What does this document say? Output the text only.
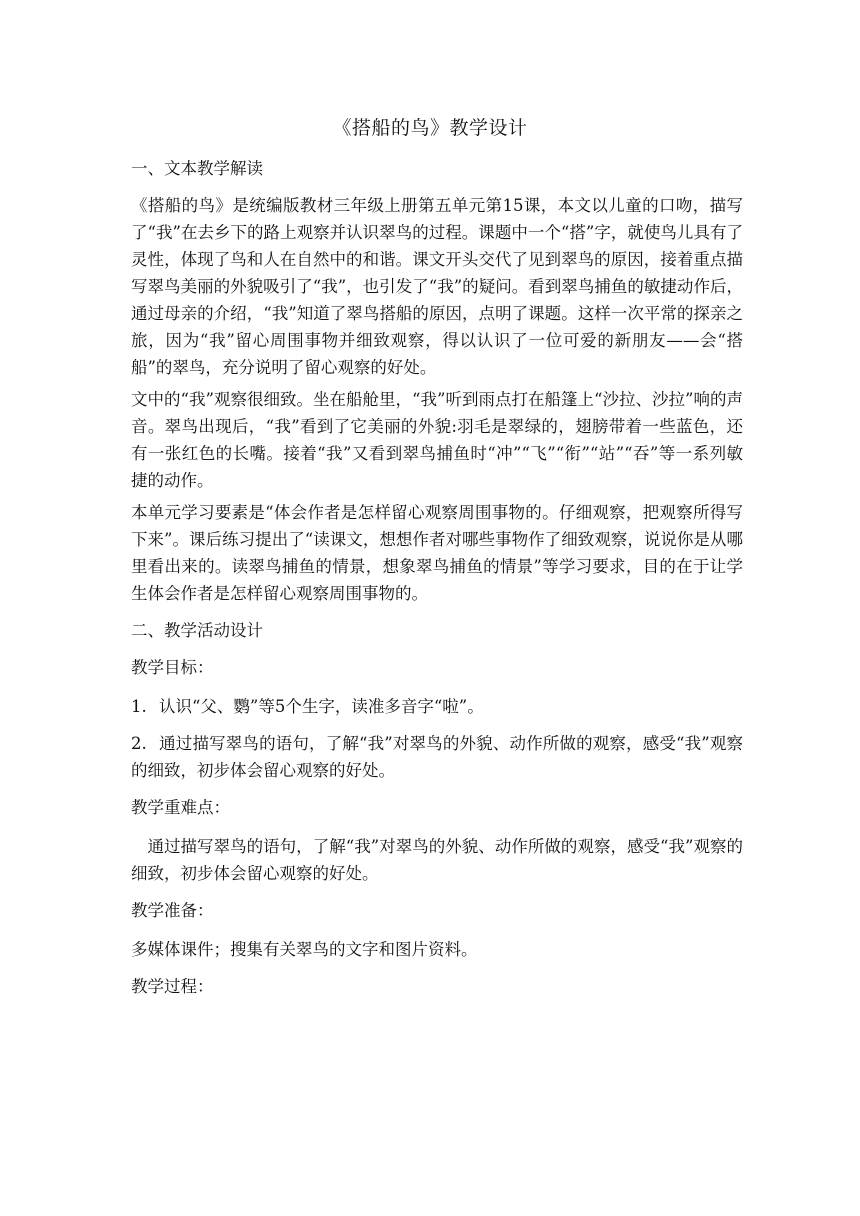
《搭船的鸟》教学设计

一、文本教学解读

《搭船的鸟》是统编版教材三年级上册第五单元第15课，本文以儿童的口吻，描写了“我”在去乡下的路上观察并认识翠鸟的过程。课题中一个“搭”字，就使鸟儿具有了灵性，体现了鸟和人在自然中的和谐。课文开头交代了见到翠鸟的原因，接着重点描写翠鸟美丽的外貌吸引了“我”，也引发了“我”的疑问。看到翠鸟捕鱼的敏捷动作后，通过母亲的介绍，“我”知道了翠鸟搭船的原因，点明了课题。这样一次平常的探亲之旅，因为“我”留心周围事物并细致观察，得以认识了一位可爱的新朋友——会“搭船”的翠鸟，充分说明了留心观察的好处。

文中的“我”观察很细致。坐在船舱里，“我”听到雨点打在船篷上“沙拉、沙拉”响的声音。翠鸟出现后，“我”看到了它美丽的外貌:羽毛是翠绿的，翅膀带着一些蓝色，还有一张红色的长嘴。接着“我”又看到翠鸟捕鱼时“冲”“飞”“衔”“站”“吞”等一系列敏捷的动作。

本单元学习要素是“体会作者是怎样留心观察周围事物的。仔细观察，把观察所得写下来”。课后练习提出了“读课文，想想作者对哪些事物作了细致观察，说说你是从哪里看出来的。读翠鸟捕鱼的情景，想象翠鸟捕鱼的情景”等学习要求，目的在于让学生体会作者是怎样留心观察周围事物的。

二、教学活动设计

教学目标：

1. 认识“父、鹦”等5个生字，读准多音字“啦”。

2. 通过描写翠鸟的语句，了解“我”对翠鸟的外貌、动作所做的观察，感受“我”观察的细致，初步体会留心观察的好处。

教学重难点：

通过描写翠鸟的语句，了解“我”对翠鸟的外貌、动作所做的观察，感受“我”观察的细致，初步体会留心观察的好处。

教学准备：

多媒体课件；搜集有关翠鸟的文字和图片资料。

教学过程：
